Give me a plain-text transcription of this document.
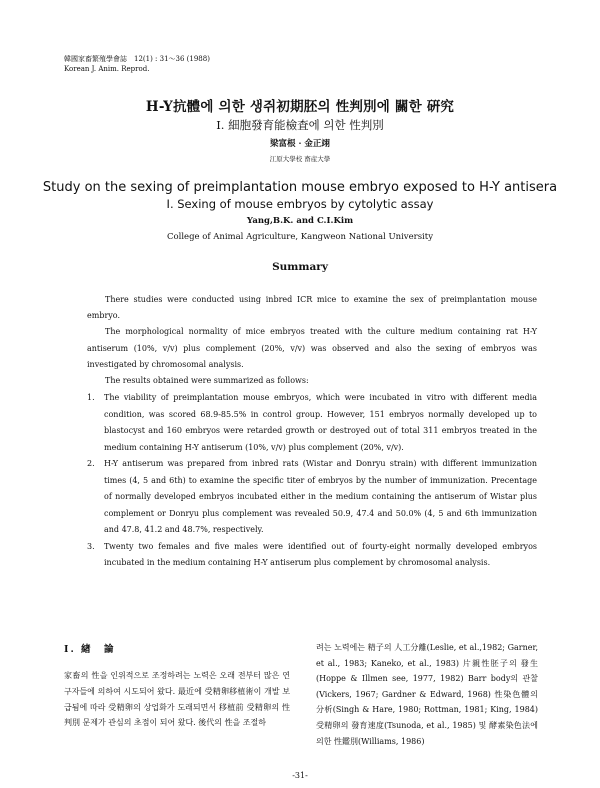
韓國家畜繁殖學會誌　12(1) : 31～36 (1988)
Korean J. Anim. Reprod.
H-Y抗體에 의한 생쥐初期胚의 性判別에 關한 硏究
Ⅰ. 細胞發育能檢査에 의한 性判別
梁富根 · 金正翊
江原大學校 畜産大學
Study on the sexing of preimplantation mouse embryo exposed to H-Y antisera
Ⅰ. Sexing of mouse embryos by cytolytic assay
Yang,B.K. and C.I.Kim
College of Animal Agriculture, Kangweon National University
Summary
There studies were conducted using inbred ICR mice to examine the sex of preimplantation mouse embryo.
The morphological normality of mice embryos treated with the culture medium containing rat H-Y antiserum (10%, v/v) plus complement (20%, v/v) was observed and also the sexing of embryos was investigated by chromosomal analysis.
The results obtained were summarized as follows:
1.	The viability of preimplantation mouse embryos, which were incubated in vitro with different media condition, was scored 68.9-85.5% in control group. However, 151 embryos normally developed up to blastocyst and 160 embryos were retarded growth or destroyed out of total 311 embryos treated in the medium containing H-Y antiserum (10%, v/v) plus complement (20%, v/v).
2.	H-Y antiserum was prepared from inbred rats (Wistar and Donryu strain) with different immunization times (4, 5 and 6th) to examine the specific titer of embryos by the number of immunization. Precentage of normally developed embryos incubated either in the medium containing the antiserum of Wistar plus complement or Donryu plus complement was revealed 50.9, 47.4 and 50.0% (4, 5 and 6th immunization and 47.8, 41.2 and 48.7%, respectively.
3.	Twenty two females and five males were identified out of fourty-eight normally developed embryos incubated in the medium containing H-Y antiserum plus complement by chromosomal analysis.
Ⅰ. 緖　論
家畜의 性을 인위적으로 조정하려는 노력은 오래 전부터 많은 연구자들에 의하여 시도되어 왔다. 最近에 受精卵移植術이 개발 보급됨에 따라 受精卵의 상업화가 도래되면서 移植前 受精卵의 性判別 문제가 관심의 초점이 되어 왔다. 後代의 性을 조절하
려는 노력에는 精子의 人工分離(Leslie, et al.,1982; Garner, et al., 1983; Kaneko, et al., 1983) 片親性胚子의 發生(Hoppe & Illmen see, 1977, 1982) Barr body의 관찰(Vickers, 1967; Gardner & Edward, 1968) 性染色體의 分析(Singh & Hare, 1980; Rottman, 1981; King, 1984) 受精卵의 發育速度(Tsunoda, et al., 1985) 및 酵素染色法에 의한 性鑑別(Williams, 1986)
-31-
